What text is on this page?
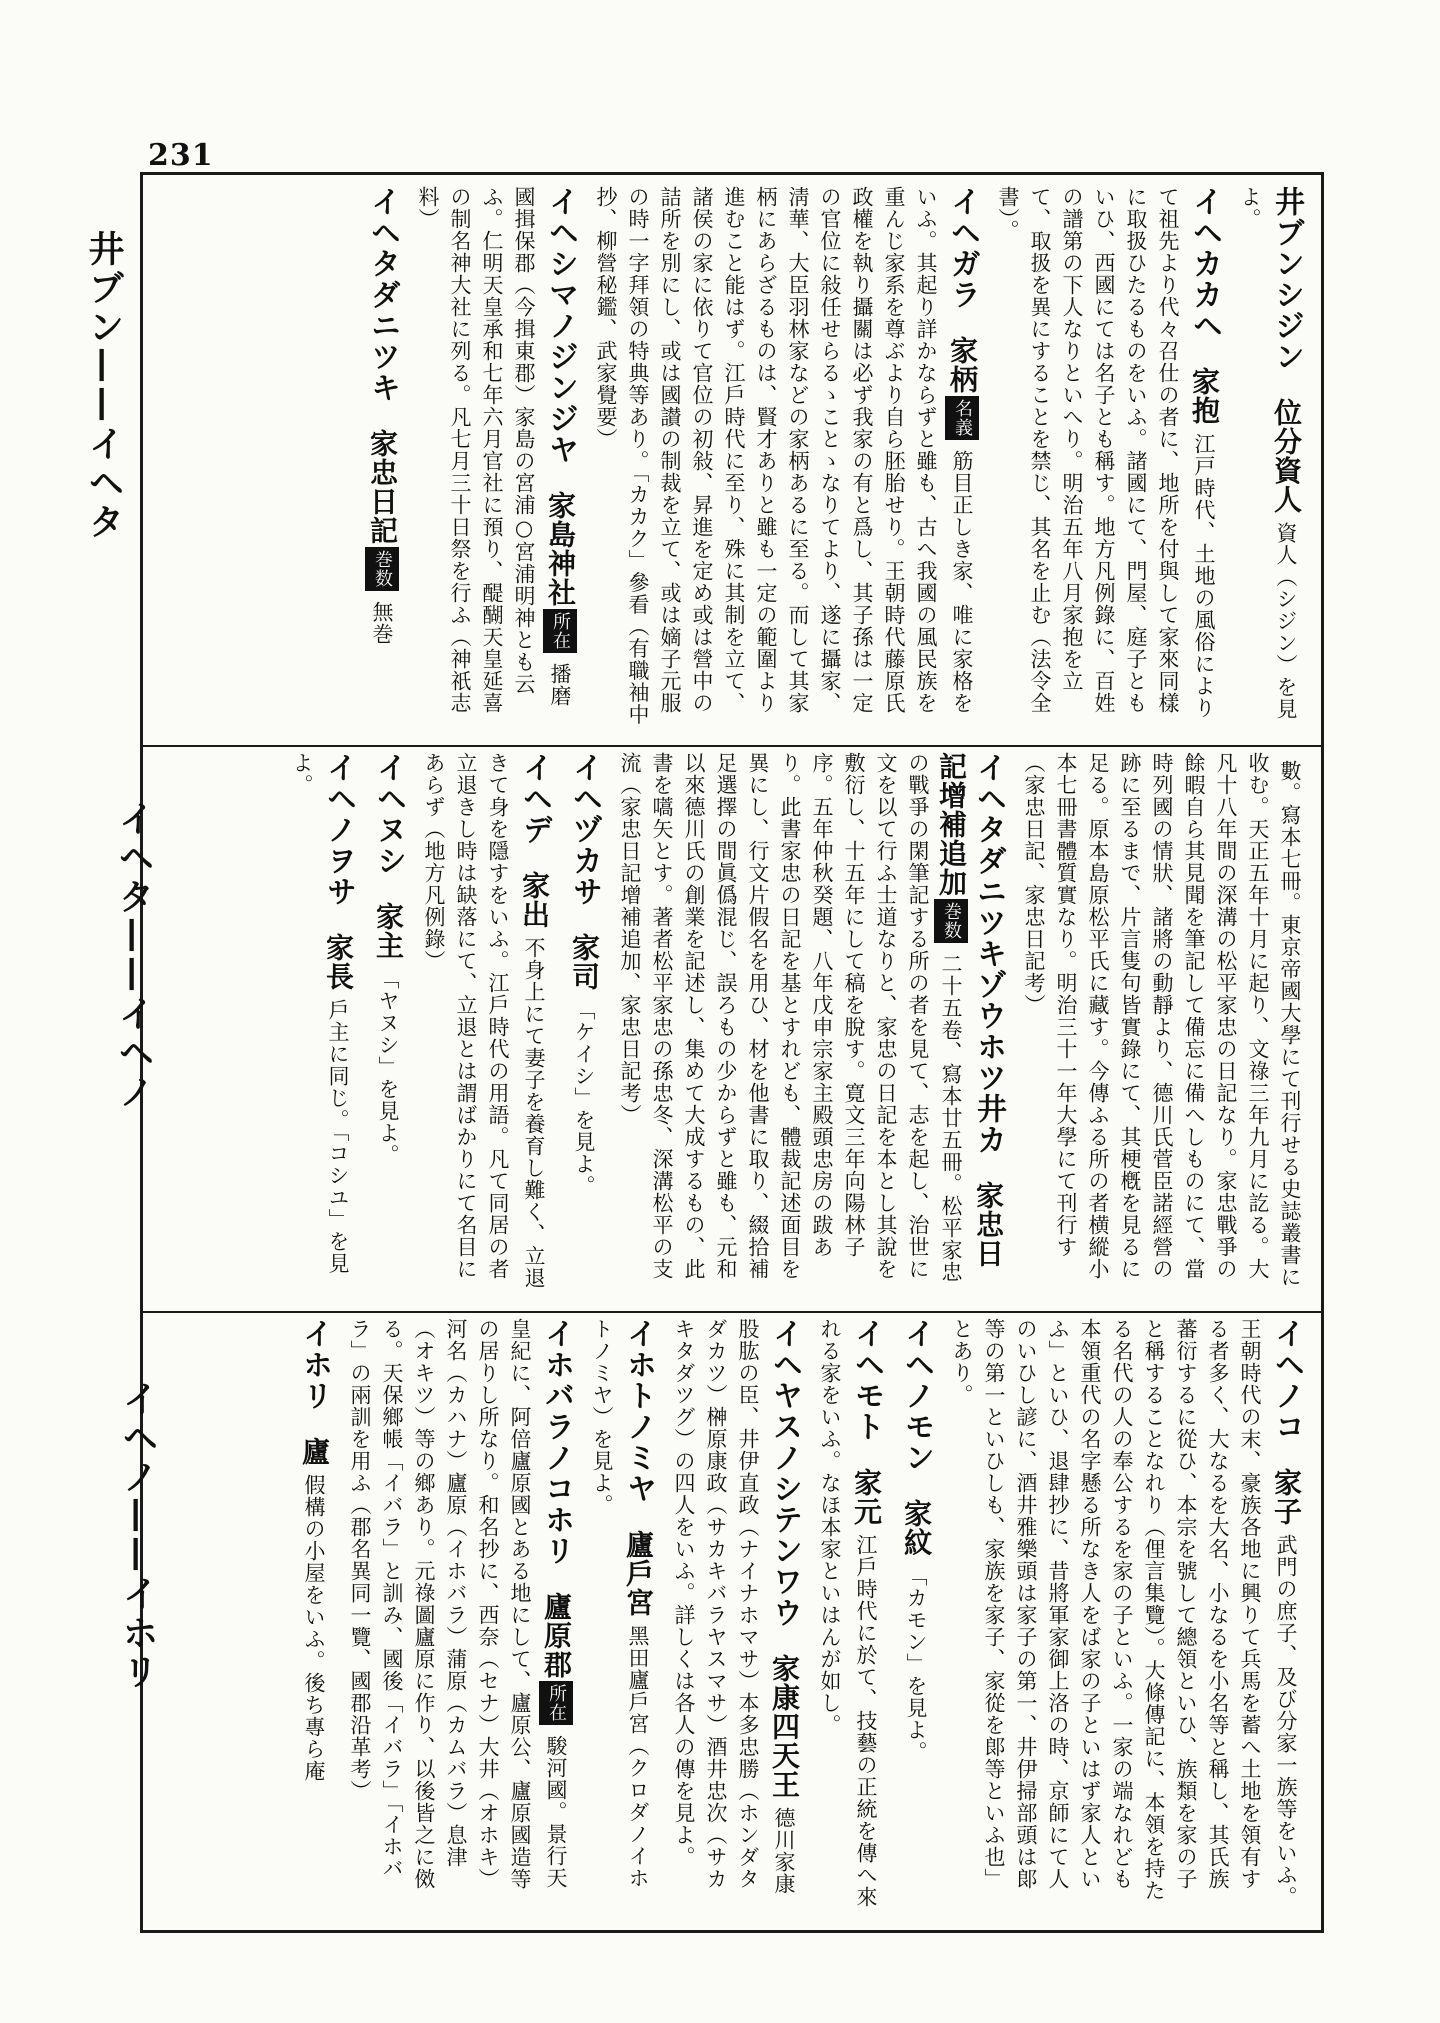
231
井ブン——イヘタ
イヘタ——イヘノ
イヘノ——イホリ
井ブンシジン位分資人資人（シジン）を見よ。
イヘカカヘ家抱江戸時代、土地の風俗によりて祖先より代々召仕の者に、地所を付與して家來同樣に取扱ひたるものをいふ。諸國にて、門屋、庭子ともいひ、西國にては名子とも稱す。地方凡例錄に、百姓の譜第の下人なりといへり。明治五年八月家抱を立て、取扱を異にすることを禁じ、其名を止む（法令全書）。
イヘガラ家柄名義筋目正しき家、唯に家格をいふ。其起り詳かならずと雖も、古へ我國の風民族を重んじ家系を尊ぶより自ら胚胎せり。王朝時代藤原氏政權を執り攝關は必ず我家の有と爲し、其子孫は一定の官位に敍任せらるゝことゝなりてより、遂に攝家、淸華、大臣羽林家などの家柄あるに至る。而して其家柄にあらざるものは、賢才ありと雖も一定の範圍より進むこと能はず。江戶時代に至り、殊に其制を立て、諸侯の家に依りて官位の初敍、昇進を定め或は營中の詰所を別にし、或は國讃の制裁を立て、或は嫡子元服の時一字拜領の特典等あり。「カカク」參看（有職袖中抄、柳營秘鑑、武家覺要）
イヘシマノジンジヤ家島神社所在播磨國揖保郡（今揖東郡）家島の宮浦○宮浦明神とも云ふ。仁明天皇承和七年六月官社に預り、醍醐天皇延喜の制名神大社に列る。凡七月三十日祭を行ふ（神祇志料）
イヘタダニツキ家忠日記巻数無巻
數。寫本七冊。東京帝國大學にて刊行せる史誌叢書に收む。天正五年十月に起り、文祿三年九月に訖る。大凡十八年間の深溝の松平家忠の日記なり。家忠戰爭の餘暇自ら其見聞を筆記して備忘に備へしものにて、當時列國の情狀、諸將の動靜より、德川氏菅臣諾經營の跡に至るまで、片言隻句皆實錄にて、其梗槪を見るに足る。原本島原松平氏に藏す。今傳ふる所の者横縱小本七冊書體質實なり。明治三十一年大學にて刊行す（家忠日記、家忠日記考）
イヘタダニツキゾウホツ井カ家忠日記增補追加巻数二十五卷、寫本廿五冊。松平家忠の戰爭の閑筆記する所の者を見て、志を起し、治世に文を以て行ふ士道なりと、家忠の日記を本とし其說を敷衍し、十五年にして稿を脫す。寛文三年向陽林子序。五年仲秋癸題、八年戊申宗家主殿頭忠房の跋あり。此書家忠の日記を基とすれども、體裁記述面目を異にし、行文片假名を用ひ、材を他書に取り、綴拾補足選擇の間眞僞混じ、誤ろもの少からずと雖も、元和以來德川氏の創業を記述し、集めて大成するもの、此書を嚆矢とす。著者松平家忠の孫忠冬、深溝松平の支流（家忠日記增補追加、家忠日記考）
イヘヅカサ家司「ケイシ」を見よ。
イヘデ家出不身上にて妻子を養育し難く、立退きて身を隱すをいふ。江戶時代の用語。凡て同居の者立退きし時は缺落にて、立退とは謂ばかりにて名目にあらず（地方凡例錄）
イヘヌシ家主「ヤヌシ」を見よ。
イヘノヲサ家長戶主に同じ。「コシユ」を見よ。
イヘノコ家子武門の庶子、及び分家一族等をいふ。王朝時代の末、豪族各地に興りて兵馬を蓄へ土地を領有する者多く、大なるを大名、小なるを小名等と稱し、其氏族蕃衍するに從ひ、本宗を號して總領といひ、族類を家の子と稱することなれり（俚言集覽）。大條傳記に、本領を持たる名代の人の奉公するを家の子といふ。一家の端なれども本領重代の名字懸る所なき人をば家の子といはず家人といふ」といひ、退肆抄に、昔將軍家御上洛の時、京師にて人のいひし諺に、酒井雅樂頭は家子の第一、井伊掃部頭は郞等の第一といひしも、家族を家子、家從を郞等といふ也」とあり。
イヘノモン家紋「カモン」を見よ。
イヘモト家元江戶時代に於て、技藝の正統を傳へ來れる家をいふ。なほ本家といはんが如し。
イヘヤスノシテンワウ家康四天王德川家康股肱の臣、井伊直政（ナイナホマサ）本多忠勝（ホンダタダカツ）榊原康政（サカキバラヤスマサ）酒井忠次（サカキタダツグ）の四人をいふ。詳しくは各人の傳を見よ。
イホトノミヤ廬戶宮黑田廬戶宮（クロダノイホトノミヤ）を見よ。
イホバラノコホリ廬原郡所在駿河國。景行天皇紀に、阿倍廬原國とある地にして、廬原公、廬原國造等の居りし所なり。和名抄に、西奈（セナ）大井（オホキ）河名（カハナ）廬原（イホバラ）蒲原（カムバラ）息津（オキツ）等の鄉あり。元祿圖廬原に作り、以後皆之に傚る。天保鄉帳「イバラ」と訓み、國後「イバラ」「イホバラ」の兩訓を用ふ（郡名異同一覽、國郡沿革考）
イホリ廬假構の小屋をいふ。後ち專ら庵
